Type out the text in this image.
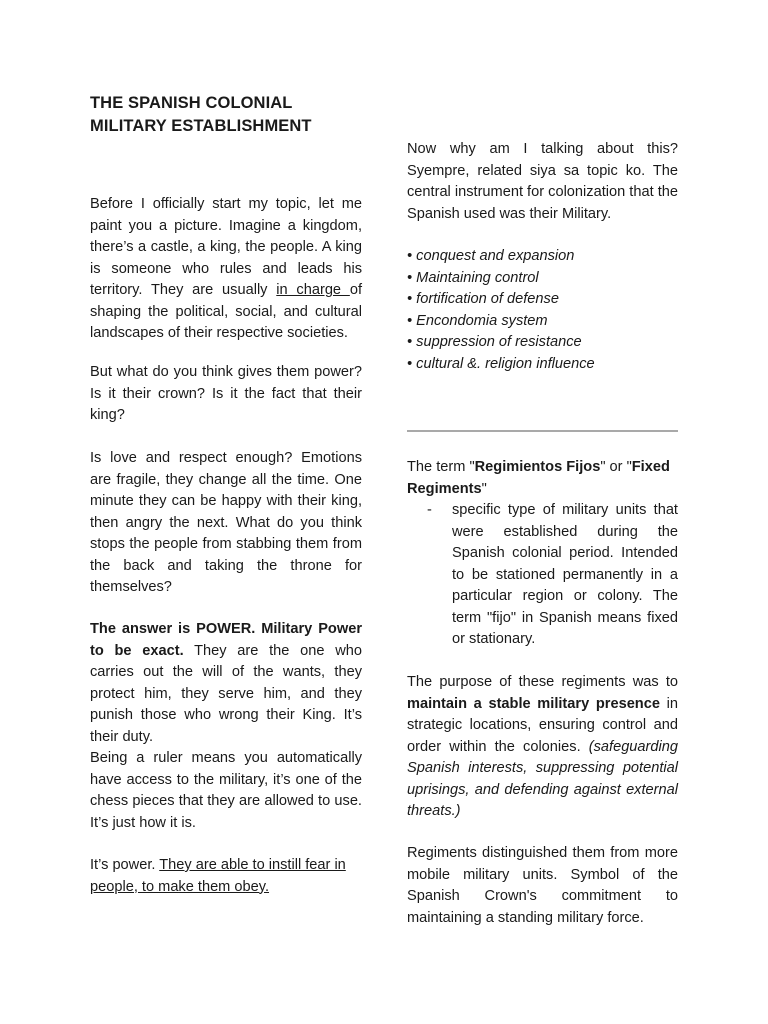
THE SPANISH COLONIAL
MILITARY ESTABLISHMENT

Before I officially start my topic, let me paint you a picture. Imagine a kingdom, there’s a castle, a king, the people. A king is someone who rules and leads his territory. They are usually in charge of shaping the political, social, and cultural landscapes of their respective societies.

But what do you think gives them power? Is it their crown? Is it the fact that their king?

Is love and respect enough? Emotions are fragile, they change all the time. One minute they can be happy with their king, then angry the next. What do you think stops the people from stabbing them from the back and taking the throne for themselves?

The answer is POWER. Military Power to be exact. They are the one who carries out the will of the wants, they protect him, they serve him, and they punish those who wrong their King. It’s their duty.

Being a ruler means you automatically have access to the military, it’s one of the chess pieces that they are allowed to use. It’s just how it is.

It’s power. They are able to instill fear in people, to make them obey.

Now why am I talking about this? Syempre, related siya sa topic ko. The central instrument for colonization that the Spanish used was their Military.

• conquest and expansion
• Maintaining control
• fortification of defense
• Encondomia system
• suppression of resistance
• cultural &. religion influence

The term "Regimientos Fijos" or "Fixed Regiments"

- specific type of military units that were established during the Spanish colonial period. Intended to be stationed permanently in a particular region or colony. The term "fijo" in Spanish means fixed or stationary.

The purpose of these regiments was to maintain a stable military presence in strategic locations, ensuring control and order within the colonies. (safeguarding Spanish interests, suppressing potential uprisings, and defending against external threats.)

Regiments distinguished them from more mobile military units. Symbol of the Spanish Crown's commitment to maintaining a standing military force.
